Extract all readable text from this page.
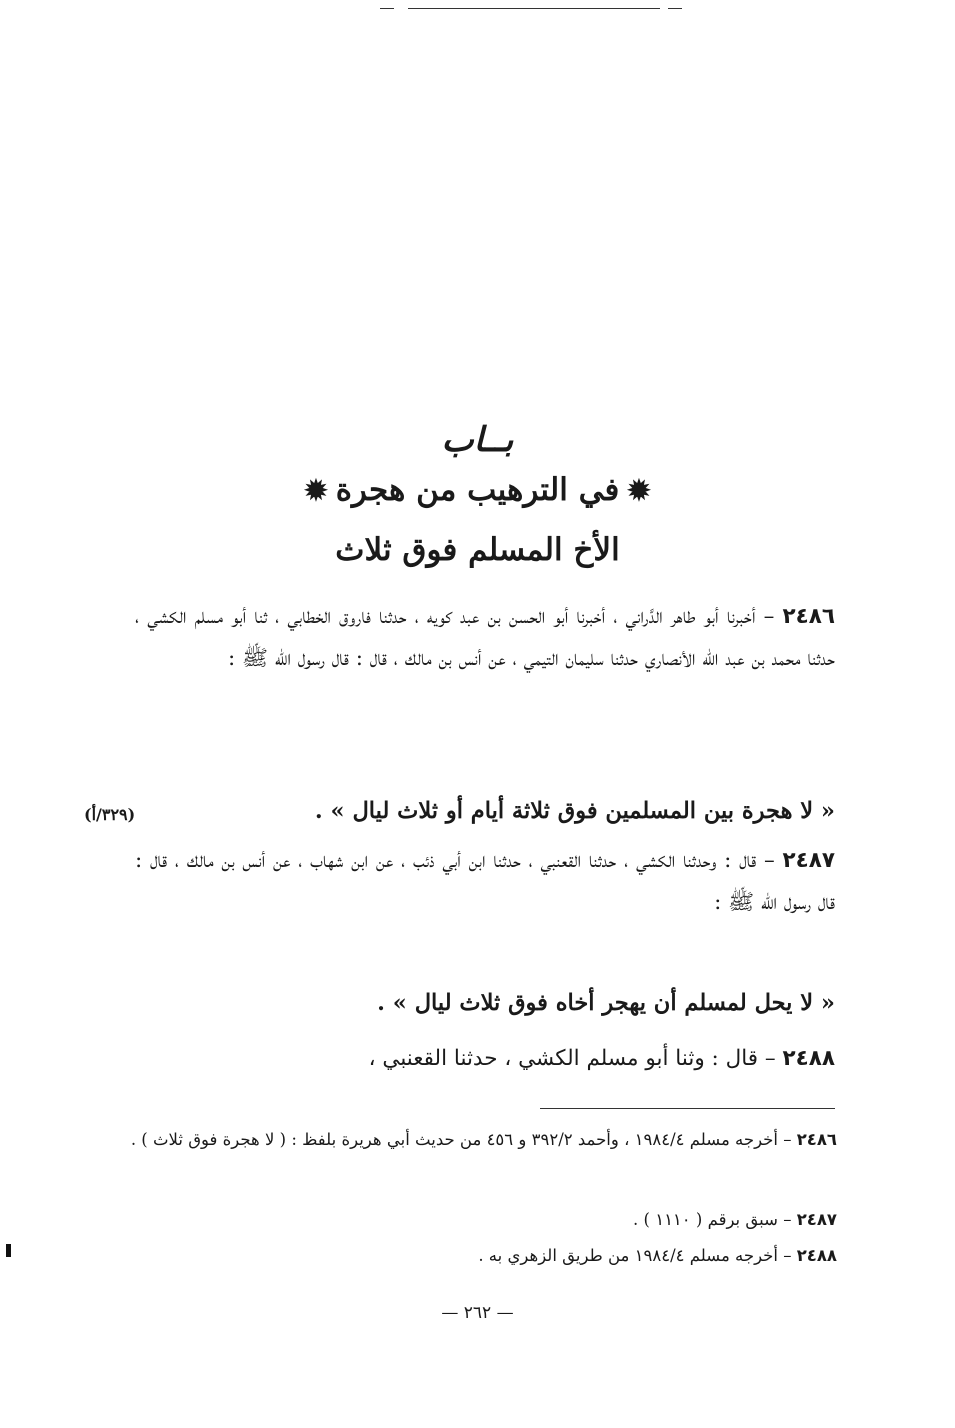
بــاب
✹في الترهيب من هجرة✹
الأخ المسلم فوق ثلاث
٢٤٨٦ – أخبرنا أبو طاهر الدَّراني ، أخبرنا أبو الحسن بن عبد كويه ، حدثنا فاروق الخطابي ، ثنا أبو مسلم الكشي ، حدثنا محمد بن عبد الله الأنصاري حدثنا سليمان التيمي ، عن أنس بن مالك ، قال : قال رسول الله ﷺ :
« لا هجرة بين المسلمين فوق ثلاثة أيام أو ثلاث ليال » .
(٣٢٩/أ)
٢٤٨٧ – قال : وحدثنا الكشي ، حدثنا القعنبي ، حدثنا ابن أبي ذئب ، عن ابن شهاب ، عن أنس بن مالك ، قال : قال رسول الله ﷺ :
« لا يحل لمسلم أن يهجر أخاه فوق ثلاث ليال » .
٢٤٨٨ – قال : وثنا أبو مسلم الكشي ، حدثنا القعنبي ،
٢٤٨٦ – أخرجه مسلم ١٩٨٤/٤ ، وأحمد ٣٩٢/٢ و ٤٥٦ من حديث أبي هريرة بلفظ : ( لا هجرة فوق ثلاث ) .
٢٤٨٧ – سبق برقم ( ١١١٠ ) .
٢٤٨٨ – أخرجه مسلم ١٩٨٤/٤ من طريق الزهري به .
— ٢٦٢ —
